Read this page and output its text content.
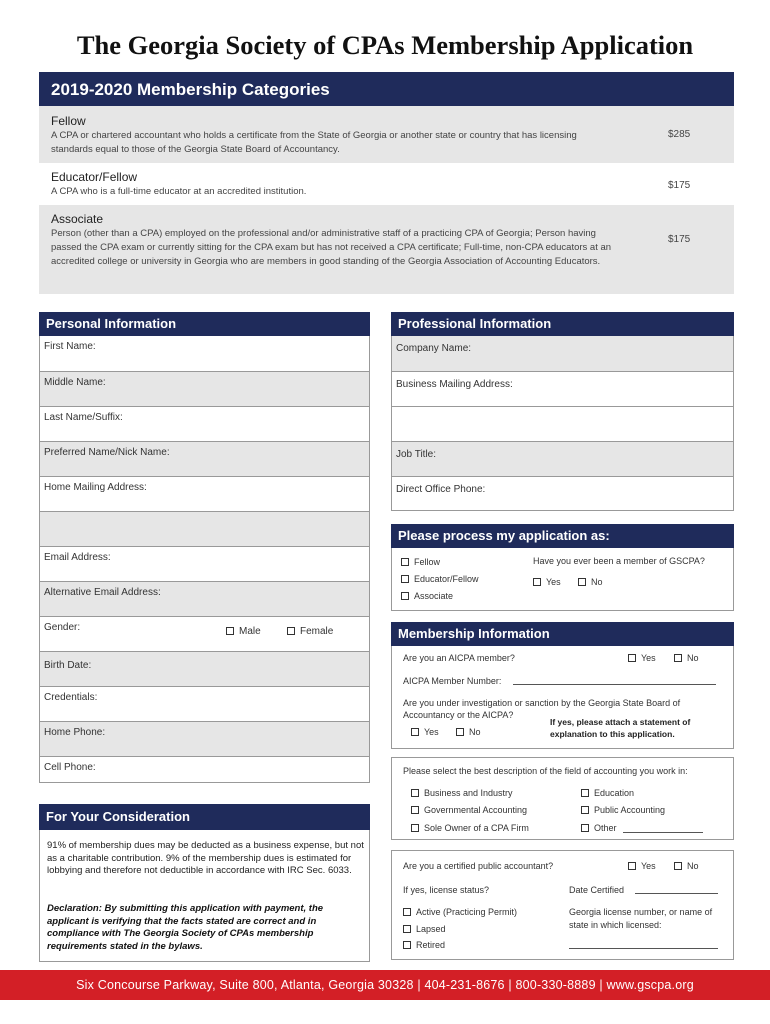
The Georgia Society of CPAs Membership Application
2019-2020 Membership Categories
Fellow
A CPA or chartered accountant who holds a certificate from the State of Georgia or another state or country that has licensing standards equal to those of the Georgia State Board of Accountancy.
$285
Educator/Fellow
A CPA who is a full-time educator at an accredited institution.
$175
Associate
Person (other than a CPA) employed on the professional and/or administrative staff of a practicing CPA of Georgia; Person having passed the CPA exam or currently sitting for the CPA exam but has not received a CPA certificate; Full-time, non-CPA educators at an accredited college or university in Georgia who are members in good standing of the Georgia Association of Accounting Educators.
$175
Personal Information
First Name:
Middle Name:
Last Name/Suffix:
Preferred Name/Nick Name:
Home Mailing Address:
Email Address:
Alternative Email Address:
Gender:	Male	Female
Birth Date:
Credentials:
Home Phone:
Cell Phone:
Professional Information
Company Name:
Business Mailing Address:
Job Title:
Direct Office Phone:
Please process my application as:
Fellow
Educator/Fellow
Associate
Have you ever been a member of GSCPA?
Yes	No
Membership Information
Are you an AICPA member?	Yes	No
AICPA Member Number:
Are you under investigation or sanction by the Georgia State Board of Accountancy or the AICPA?
If yes, please attach a statement of explanation to this application.
Yes	No
Please select the best description of the field of accounting you work in:
Business and Industry	Education
Governmental Accounting	Public Accounting
Sole Owner of a CPA Firm	Other
Are you a certified public accountant?	Yes	No
If yes, license status?	Date Certified
Active (Practicing Permit)
Lapsed
Retired
Georgia license number, or name of state in which licensed:
For Your Consideration
91% of membership dues may be deducted as a business expense, but not as a charitable contribution. 9% of the membership dues is estimated for lobbying and therefore not deductible in accordance with IRC Sec. 6033.
Declaration: By submitting this application with payment, the applicant is verifying that the facts stated are correct and in compliance with The Georgia Society of CPAs membership requirements stated in the bylaws.
Six Concourse Parkway, Suite 800, Atlanta, Georgia 30328 | 404-231-8676 | 800-330-8889 | www.gscpa.org
